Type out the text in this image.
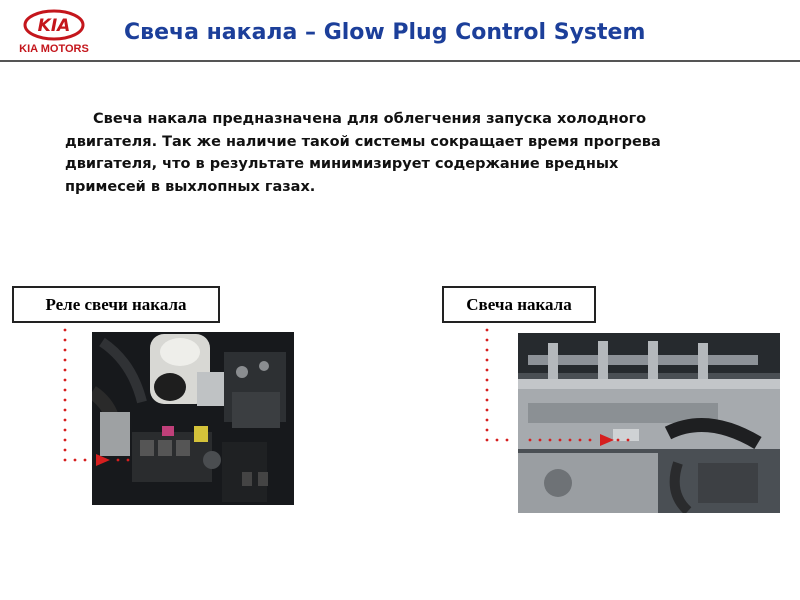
KIA
KIA MOTORS
Свеча накала – Glow Plug Control System

Свеча накала предназначена для облегчения запуска холодного двигателя. Так же наличие такой системы сокращает время прогрева двигателя, что в результате минимизирует содержание вредных примесей в выхлопных газах.

Реле свечи накала	Свеча накала
